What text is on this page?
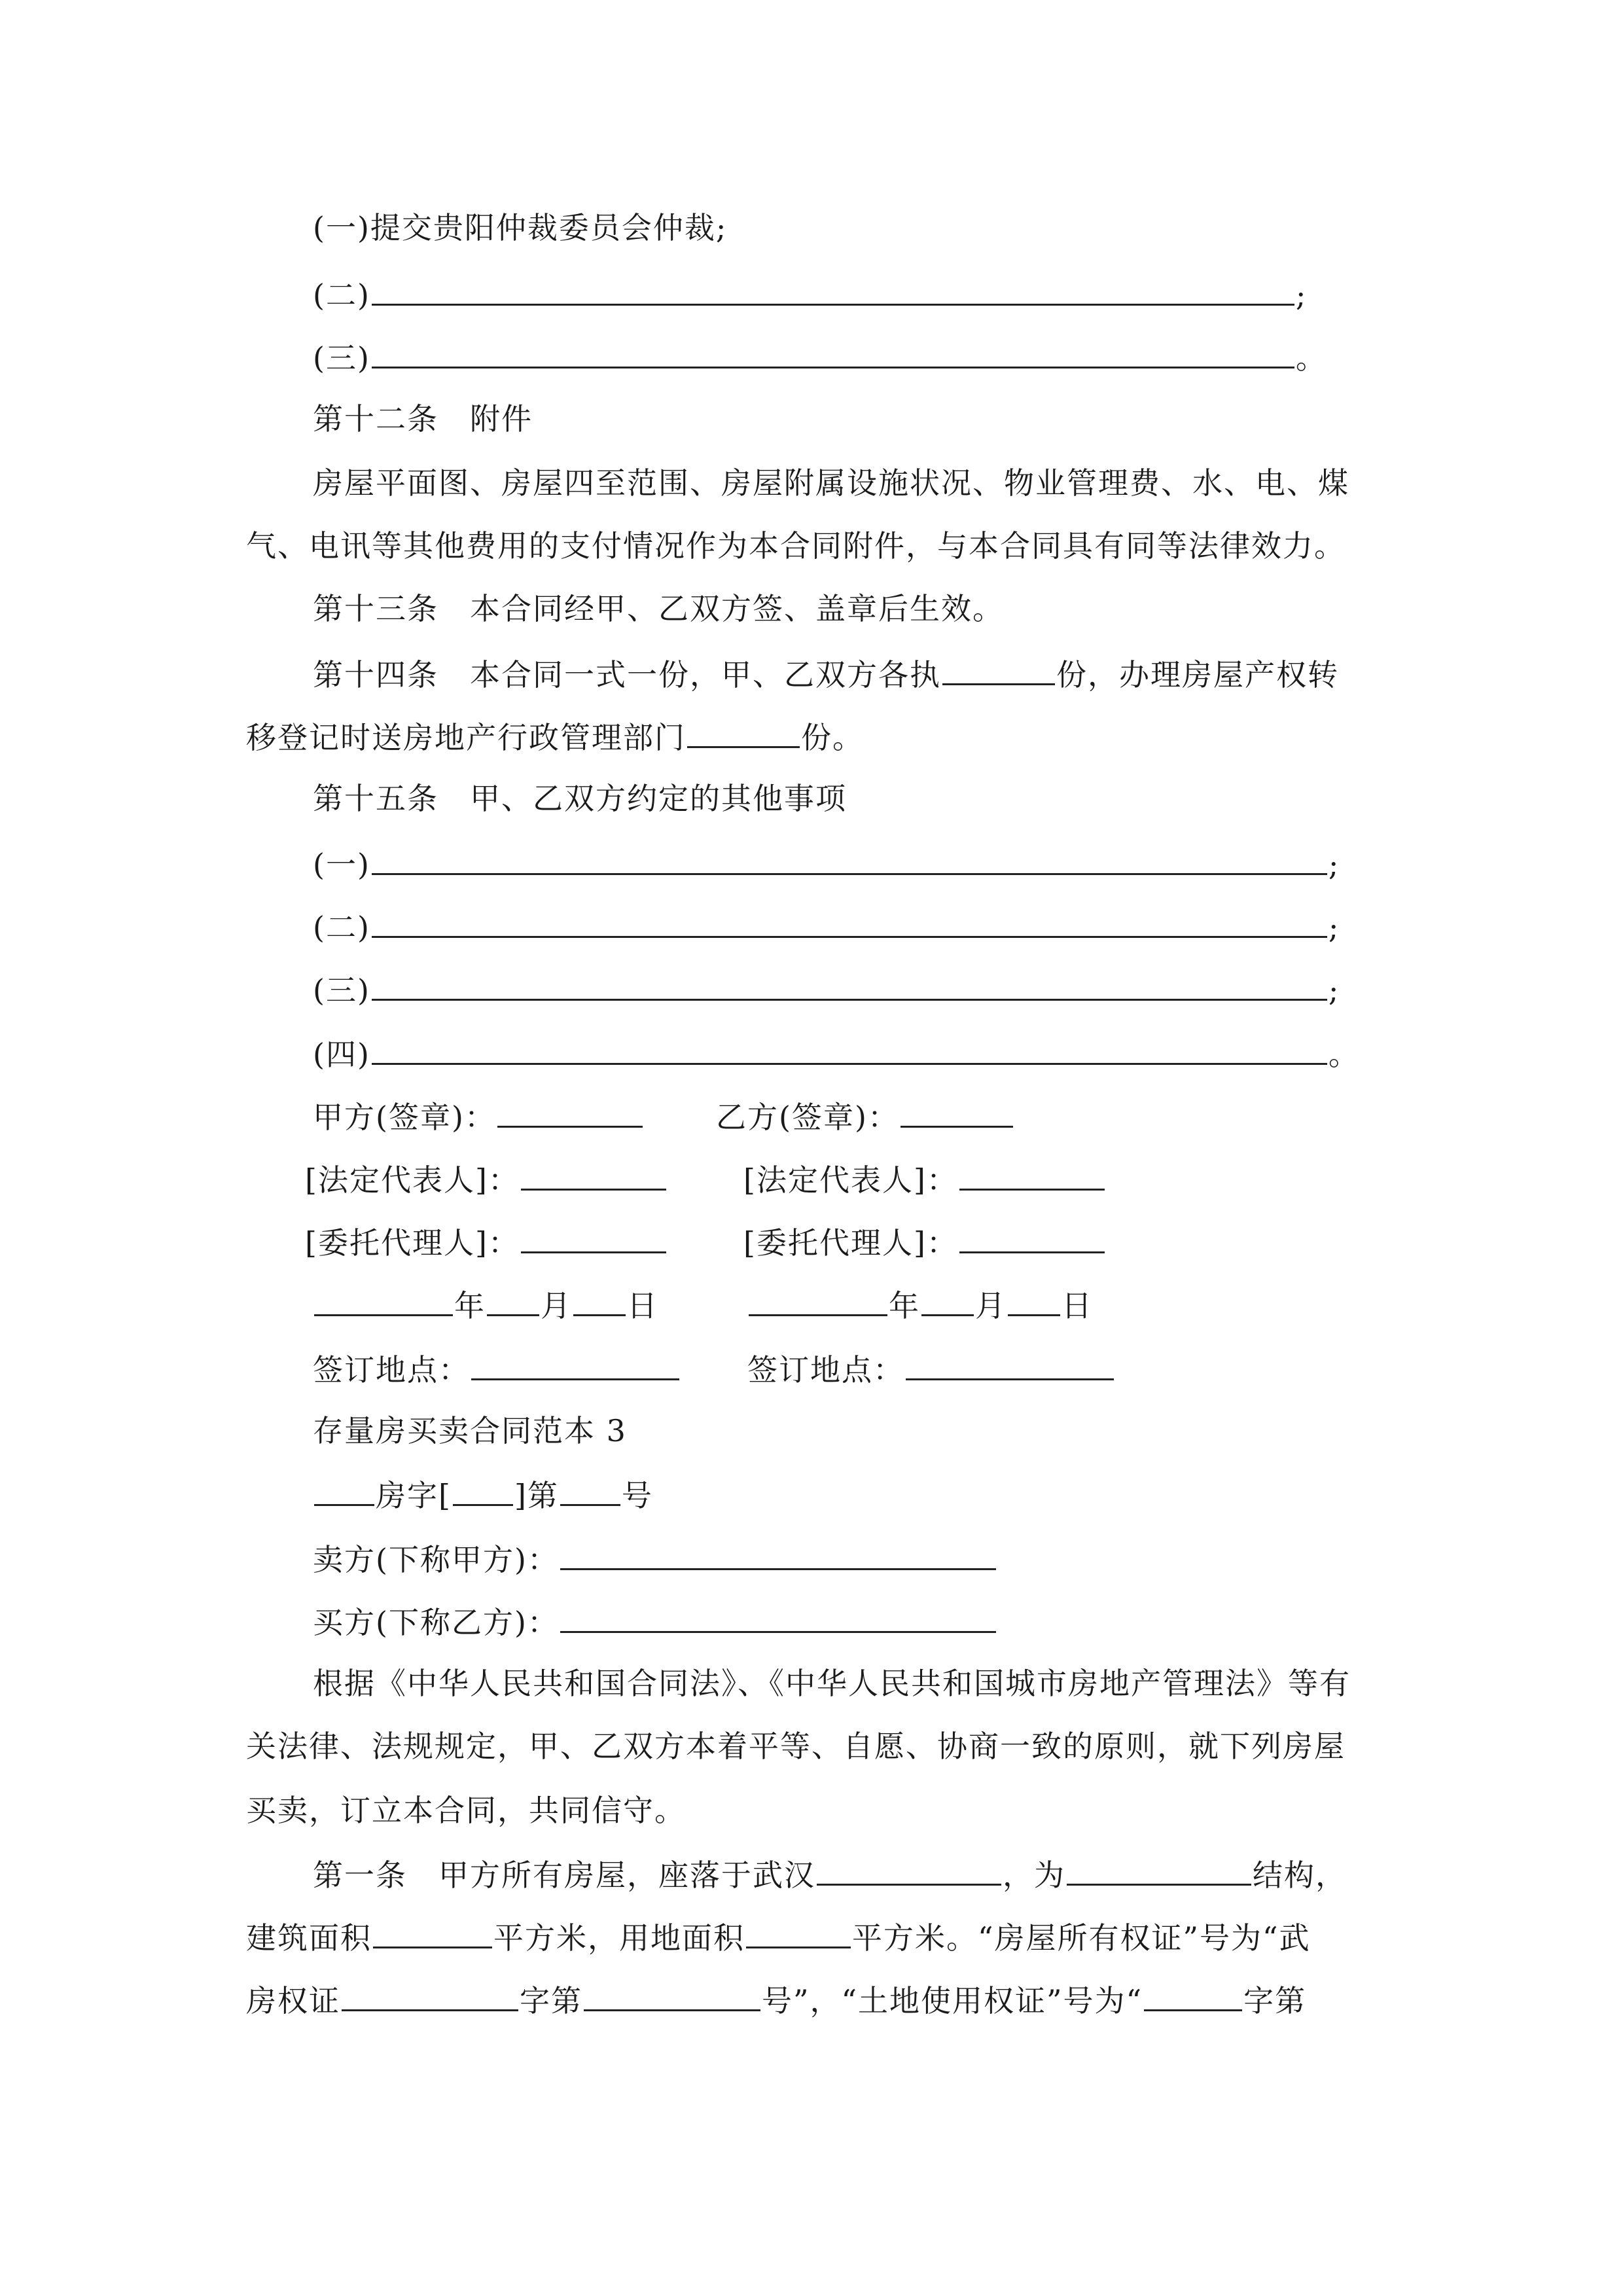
(一)提交贵阳仲裁委员会仲裁;
(二)	;
(三)	。
第十二条　附件
房屋平面图、房屋四至范围、房屋附属设施状况、物业管理费、水、电、煤
气、电讯等其他费用的支付情况作为本合同附件，与本合同具有同等法律效力。
第十三条　本合同经甲、乙双方签、盖章后生效。
第十四条　本合同一式一份，甲、乙双方各执	份，办理房屋产权转
移登记时送房地产行政管理部门	份。
第十五条　甲、乙双方约定的其他事项
(一)	;
(二)	;
(三)	;
(四)	。
甲方(签章)：	乙方(签章)：
[法定代表人]：	[法定代表人]：
[委托代理人]：	[委托代理人]：
年 月 日	年 月 日
签订地点：	签订地点：
存量房买卖合同范本 3
房字[ ]第 号
卖方(下称甲方)：
买方(下称乙方)：
根据《中华人民共和国合同法》、《中华人民共和国城市房地产管理法》等有
关法律、法规规定，甲、乙双方本着平等、自愿、协商一致的原则，就下列房屋
买卖，订立本合同，共同信守。
第一条　甲方所有房屋，座落于武汉	，为	结构，
建筑面积	平方米，用地面积	平方米。“房屋所有权证”号为“武
房权证	字第	号”，“土地使用权证”号为“	字第
